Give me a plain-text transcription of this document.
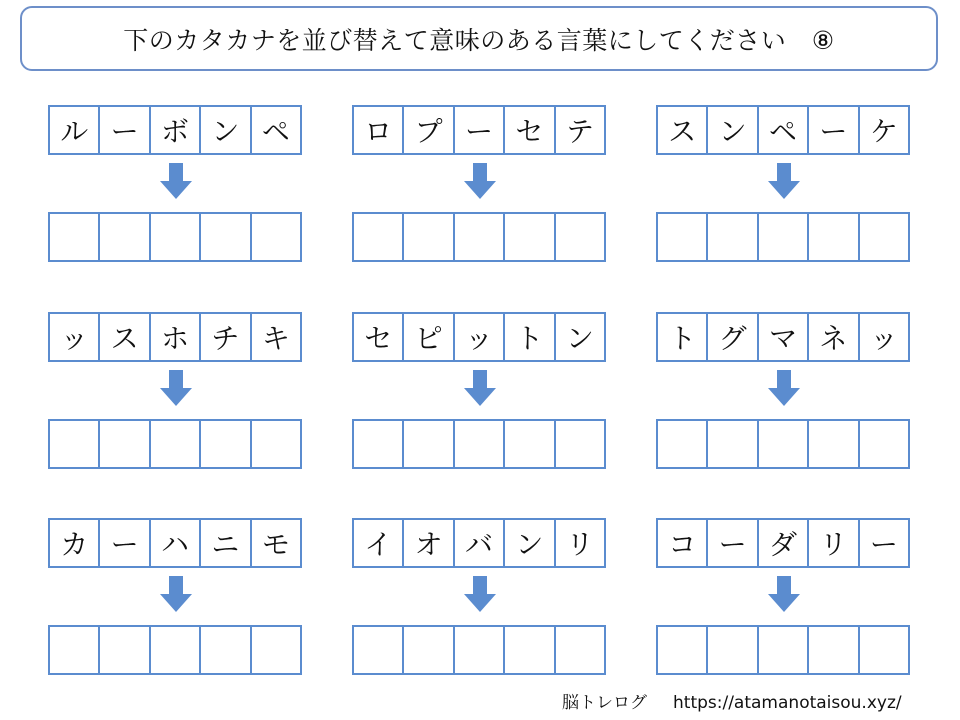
下のカタカナを並び替えて意味のある言葉にしてください　⑧
ル ー ボ ン ペ	ロ プ ー セ テ	ス ン ペ ー ケ
ッ ス ホ チ キ	セ ピ ッ ト ン	ト グ マ ネ ッ
カ ー ハ ニ モ	イ オ バ ン リ	コ ー ダ リ ー
脳トレログ https://atamanotaisou.xyz/
